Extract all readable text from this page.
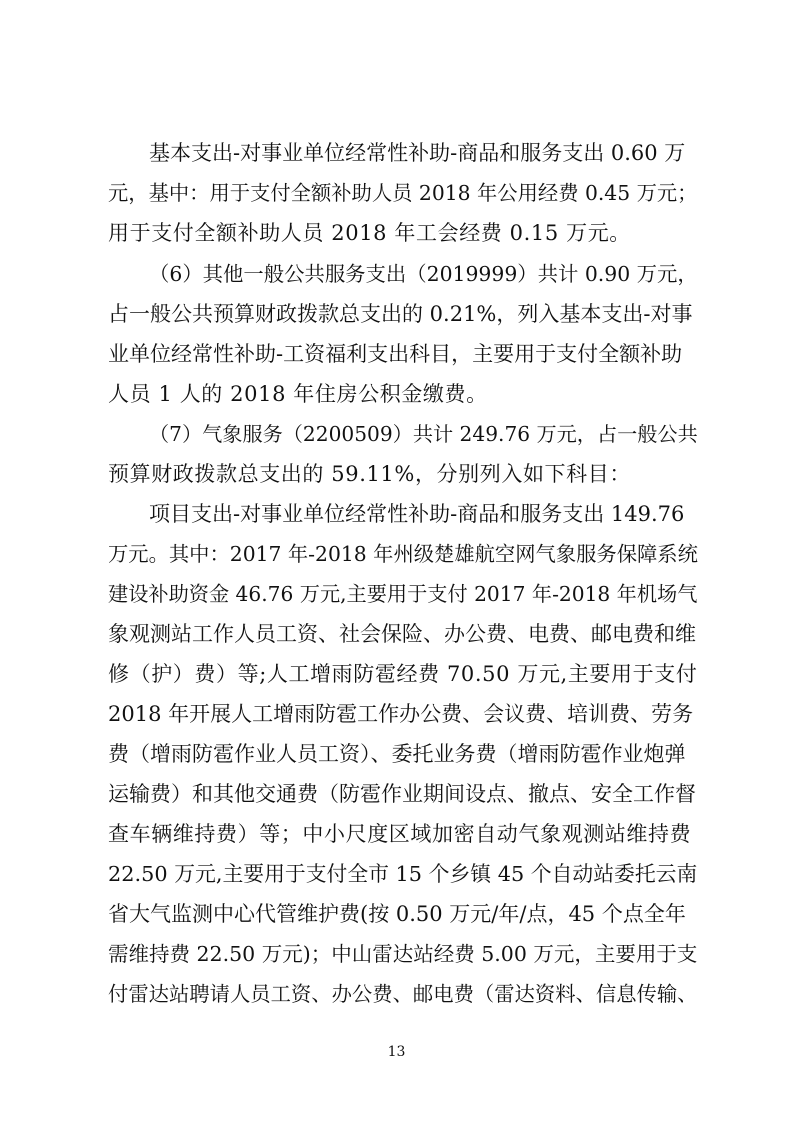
基本支出-对事业单位经常性补助-商品和服务支出 0.60 万
元，基中：用于支付全额补助人员 2018 年公用经费 0.45 万元；
用于支付全额补助人员 2018 年工会经费 0.15 万元。
（6）其他一般公共服务支出（2019999）共计 0.90 万元，
占一般公共预算财政拨款总支出的 0.21%，列入基本支出-对事
业单位经常性补助-工资福利支出科目，主要用于支付全额补助
人员 1 人的 2018 年住房公积金缴费。
（7）气象服务（2200509）共计 249.76 万元，占一般公共
预算财政拨款总支出的 59.11%，分别列入如下科目：
项目支出-对事业单位经常性补助-商品和服务支出 149.76
万元。其中：2017 年-2018 年州级楚雄航空网气象服务保障系统
建设补助资金 46.76 万元,主要用于支付 2017 年-2018 年机场气
象观测站工作人员工资、社会保险、办公费、电费、邮电费和维
修（护）费）等;人工增雨防雹经费 70.50 万元,主要用于支付
2018 年开展人工增雨防雹工作办公费、会议费、培训费、劳务
费（增雨防雹作业人员工资）、委托业务费（增雨防雹作业炮弹
运输费）和其他交通费（防雹作业期间设点、撤点、安全工作督
查车辆维持费）等；中小尺度区域加密自动气象观测站维持费
22.50 万元,主要用于支付全市 15 个乡镇 45 个自动站委托云南
省大气监测中心代管维护费(按 0.50 万元/年/点，45 个点全年
需维持费 22.50 万元)；中山雷达站经费 5.00 万元，主要用于支
付雷达站聘请人员工资、办公费、邮电费（雷达资料、信息传输、
13
